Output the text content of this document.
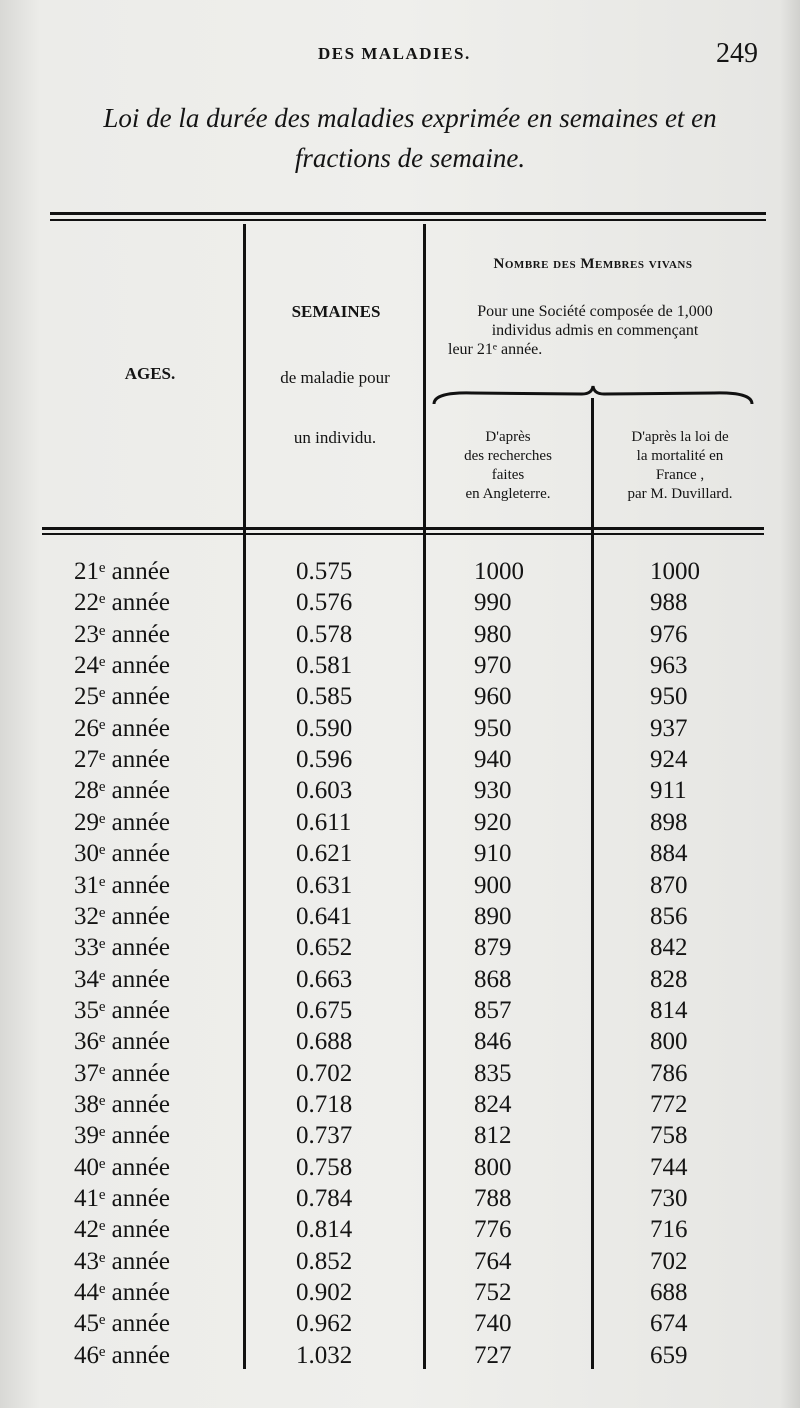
DES MALADIES.	249
Loi de la durée des maladies exprimée en semaines et en
fractions de semaine.
AGES.
SEMAINES
de maladie pour
un individu.
Nombre des Membres vivans
Pour une Société composée de 1,000
individus admis en commençant
leur 21ᵉ année.
D'après
des recherches
faites
en Angleterre.
D'après la loi de
la mortalité en
France ,
par M. Duvillard.
21ᵉ année	0.575	1000	1000
22ᵉ année	0.576	990	988
23ᵉ année	0.578	980	976
24ᵉ année	0.581	970	963
25ᵉ année	0.585	960	950
26ᵉ année	0.590	950	937
27ᵉ année	0.596	940	924
28ᵉ année	0.603	930	911
29ᵉ année	0.611	920	898
30ᵉ année	0.621	910	884
31ᵉ année	0.631	900	870
32ᵉ année	0.641	890	856
33ᵉ année	0.652	879	842
34ᵉ année	0.663	868	828
35ᵉ année	0.675	857	814
36ᵉ année	0.688	846	800
37ᵉ année	0.702	835	786
38ᵉ année	0.718	824	772
39ᵉ année	0.737	812	758
40ᵉ année	0.758	800	744
41ᵉ année	0.784	788	730
42ᵉ année	0.814	776	716
43ᵉ année	0.852	764	702
44ᵉ année	0.902	752	688
45ᵉ année	0.962	740	674
46ᵉ année	1.032	727	659
